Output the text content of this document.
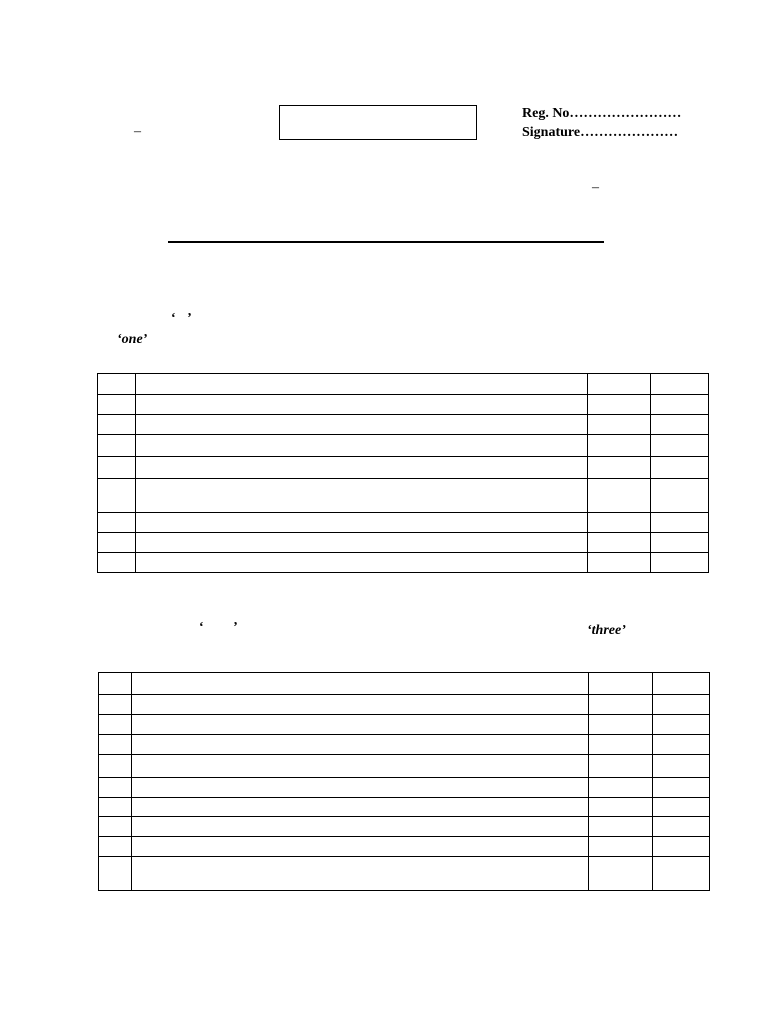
–
Reg. No……………………
Signature…………………
–
‘ ’
‘one’

‘ ’	‘three’
